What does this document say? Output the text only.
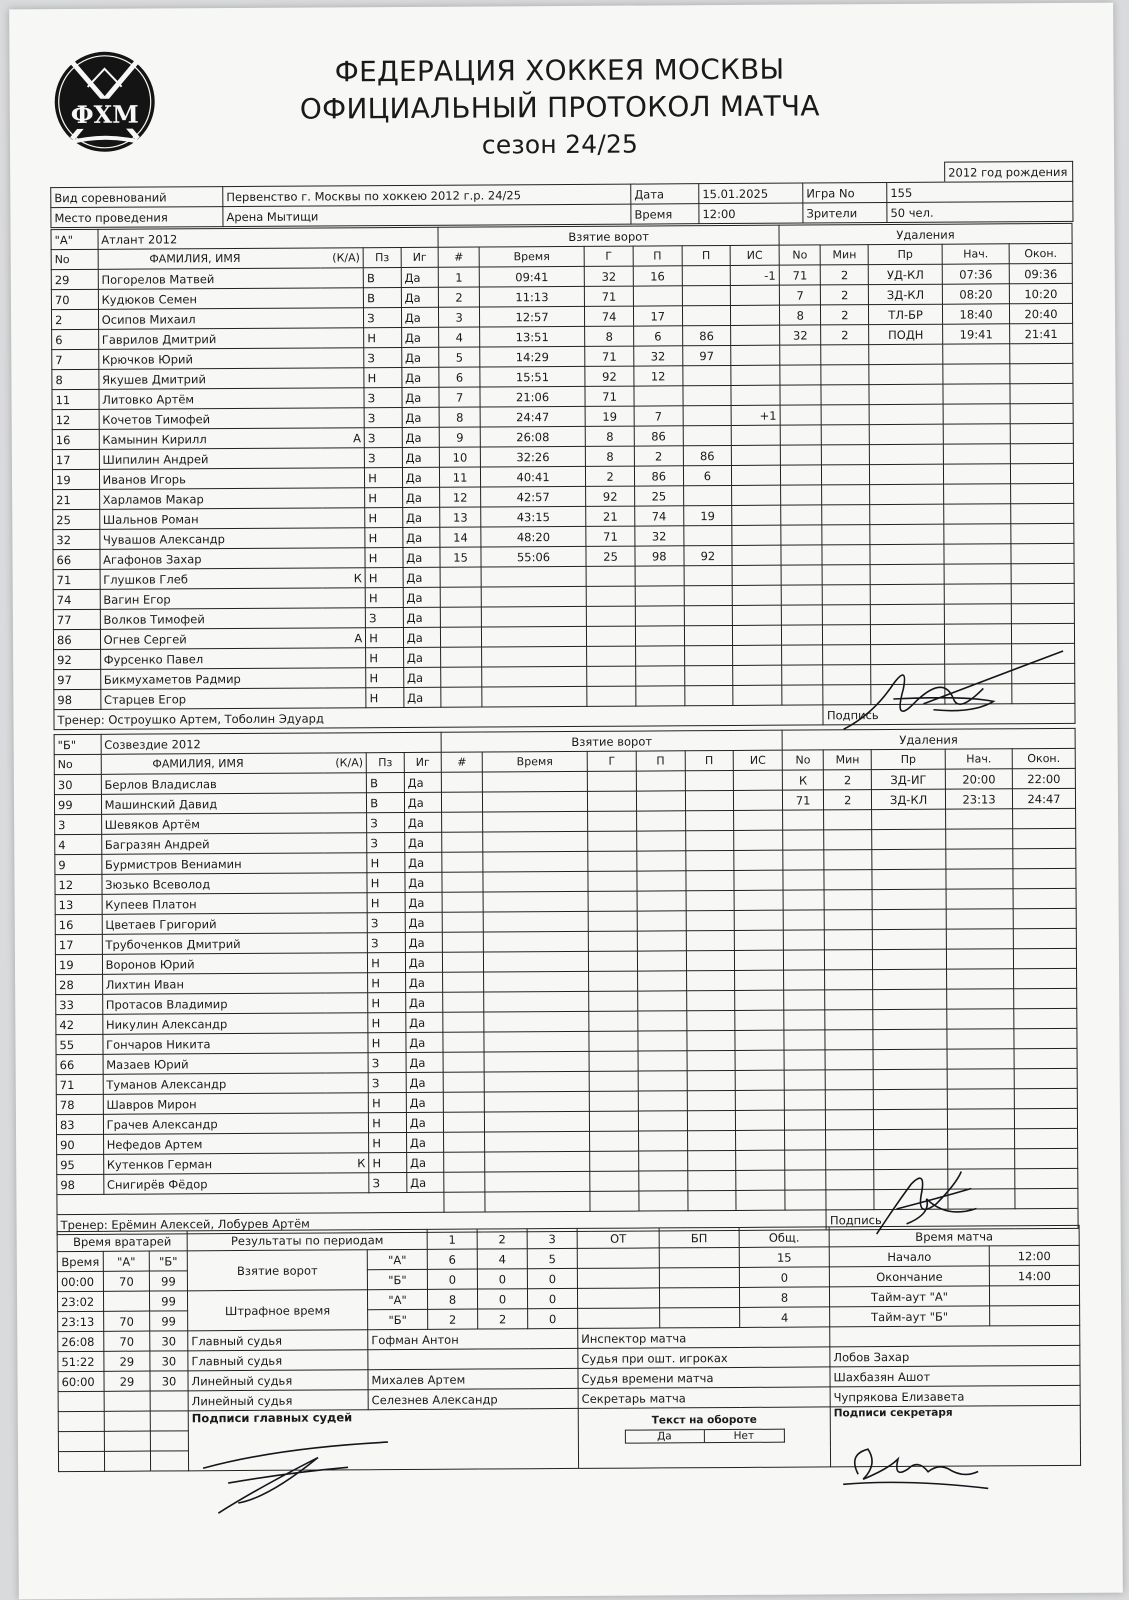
ФХМ
ФЕДЕРАЦИЯ ХОККЕЯ МОСКВЫ
ОФИЦИАЛЬНЫЙ ПРОТОКОЛ МАТЧА
сезон 24/25
						2012 год рождения
Вид соревнований	Первенство г. Москвы по хоккею 2012 г.р. 24/25	Дата	15.01.2025	Игра No	155	
Место проведения	Арена Мытищи	Время	12:00	Зрители	50 чел.	
"А"	Атлант 2012			Взятие ворот						Удаления				
No	ФАМИЛИЯ, ИМЯ (К/А)	Пз	Иг	#	Время	Г	П	П	ИС	No	Мин	Пр	Нач.	Окон.
29	Погорелов Матвей	В	Да	1	09:41	32	16		-1	71	2	УД-КЛ	07:36	09:36
70	Кудюков Семен	В	Да	2	11:13	71				7	2	ЗД-КЛ	08:20	10:20
2	Осипов Михаил	З	Да	3	12:57	74	17			8	2	ТЛ-БР	18:40	20:40
6	Гаврилов Дмитрий	Н	Да	4	13:51	8	6	86		32	2	ПОДН	19:41	21:41
7	Крючков Юрий	З	Да	5	14:29	71	32	97						
8	Якушев Дмитрий	Н	Да	6	15:51	92	12							
11	Литовко Артём	З	Да	7	21:06	71								
12	Кочетов Тимофей	З	Да	8	24:47	19	7		+1					
16	Камынин Кирилл А	З	Да	9	26:08	8	86							
17	Шипилин Андрей	З	Да	10	32:26	8	2	86						
19	Иванов Игорь	Н	Да	11	40:41	2	86	6						
21	Харламов Макар	Н	Да	12	42:57	92	25							
25	Шальнов Роман	Н	Да	13	43:15	21	74	19						
32	Чувашов Александр	Н	Да	14	48:20	71	32							
66	Агафонов Захар	Н	Да	15	55:06	25	98	92						
71	Глушков Глеб К	Н	Да											
74	Вагин Егор	Н	Да											
77	Волков Тимофей	З	Да											
86	Огнев Сергей А	Н	Да											
92	Фурсенко Павел	Н	Да											
97	Бикмухаметов Радмир	Н	Да											
98	Старцев Егор	Н	Да											
Тренер: Остроушко Артем, Тоболин Эдуард											Подпись			
"Б"	Созвездие 2012			Взятие ворот						Удаления				
No	ФАМИЛИЯ, ИМЯ (К/А)	Пз	Иг	#	Время	Г	П	П	ИС	No	Мин	Пр	Нач.	Окон.
30	Берлов Владислав	В	Да							К	2	ЗД-ИГ	20:00	22:00
99	Машинский Давид	В	Да							71	2	ЗД-КЛ	23:13	24:47
3	Шевяков Артём	З	Да											
4	Багразян Андрей	З	Да											
9	Бурмистров Вениамин	Н	Да											
12	Зюзько Всеволод	Н	Да											
13	Купеев Платон	Н	Да											
16	Цветаев Григорий	З	Да											
17	Трубоченков Дмитрий	З	Да											
19	Воронов Юрий	Н	Да											
28	Лихтин Иван	Н	Да											
33	Протасов Владимир	Н	Да											
42	Никулин Александр	Н	Да											
55	Гончаров Никита	Н	Да											
66	Мазаев Юрий	З	Да											
71	Туманов Александр	З	Да											
78	Шавров Мирон	Н	Да											
83	Грачев Александр	Н	Да											
90	Нефедов Артем	Н	Да											
95	Кутенков Герман К	Н	Да											
98	Снигирёв Фёдор	З	Да											

Тренер: Ерёмин Алексей, Лобурев Артём											Подпись			
Время вратарей			Результаты по периодам		1	2	3	ОТ	БП	Общ.	Время матча	
Время	"А"	"Б"	Взятие ворот	"А"	6	4	5			15	Начало	12:00
00:00	70	99		"Б"	0	0	0			0	Окончание	14:00
23:02		99	Штрафное время	"А"	8	0	0			8	Тайм-аут "А"	
23:13	70	99		"Б"	2	2	0			4	Тайм-аут "Б"	
26:08	70	30	Главный судья	Гофман Антон				Инспектор матча				
51:22	29	30	Главный судья					Судья при ошт. игроках			Лобов Захар	
60:00	29	30	Линейный судья	Михалев Артем				Судья времени матча			Шахбазян Ашот	
			Линейный судья	Селезнев Александр				Секретарь матча			Чупрякова Елизавета	
			Подписи главных судей					Текст на обороте
Да Нет			Подписи секретаря	
